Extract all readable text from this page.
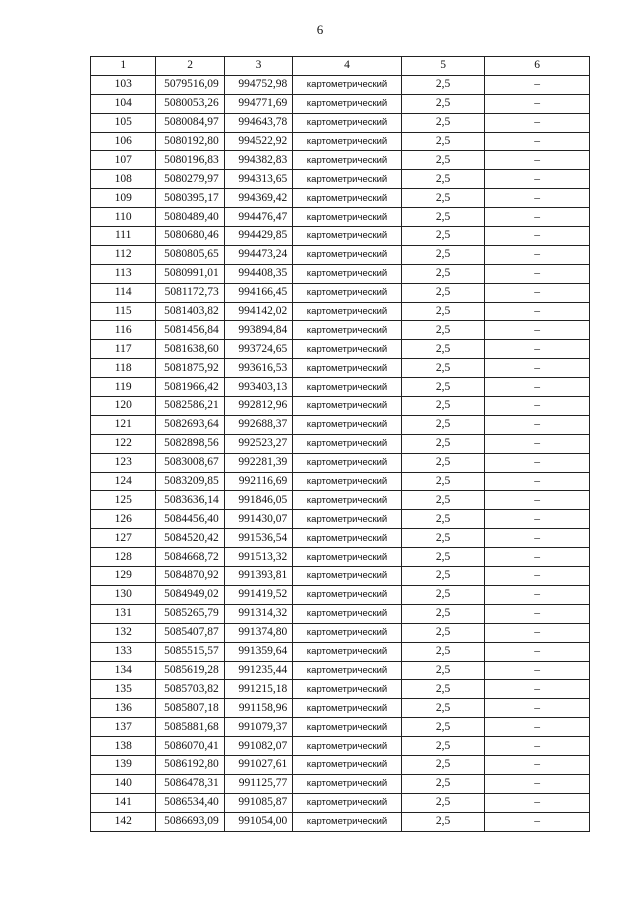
6
1	2	3	4	5	6
103	5079516,09	994752,98	картометрический	2,5	–
104	5080053,26	994771,69	картометрический	2,5	–
105	5080084,97	994643,78	картометрический	2,5	–
106	5080192,80	994522,92	картометрический	2,5	–
107	5080196,83	994382,83	картометрический	2,5	–
108	5080279,97	994313,65	картометрический	2,5	–
109	5080395,17	994369,42	картометрический	2,5	–
110	5080489,40	994476,47	картометрический	2,5	–
111	5080680,46	994429,85	картометрический	2,5	–
112	5080805,65	994473,24	картометрический	2,5	–
113	5080991,01	994408,35	картометрический	2,5	–
114	5081172,73	994166,45	картометрический	2,5	–
115	5081403,82	994142,02	картометрический	2,5	–
116	5081456,84	993894,84	картометрический	2,5	–
117	5081638,60	993724,65	картометрический	2,5	–
118	5081875,92	993616,53	картометрический	2,5	–
119	5081966,42	993403,13	картометрический	2,5	–
120	5082586,21	992812,96	картометрический	2,5	–
121	5082693,64	992688,37	картометрический	2,5	–
122	5082898,56	992523,27	картометрический	2,5	–
123	5083008,67	992281,39	картометрический	2,5	–
124	5083209,85	992116,69	картометрический	2,5	–
125	5083636,14	991846,05	картометрический	2,5	–
126	5084456,40	991430,07	картометрический	2,5	–
127	5084520,42	991536,54	картометрический	2,5	–
128	5084668,72	991513,32	картометрический	2,5	–
129	5084870,92	991393,81	картометрический	2,5	–
130	5084949,02	991419,52	картометрический	2,5	–
131	5085265,79	991314,32	картометрический	2,5	–
132	5085407,87	991374,80	картометрический	2,5	–
133	5085515,57	991359,64	картометрический	2,5	–
134	5085619,28	991235,44	картометрический	2,5	–
135	5085703,82	991215,18	картометрический	2,5	–
136	5085807,18	991158,96	картометрический	2,5	–
137	5085881,68	991079,37	картометрический	2,5	–
138	5086070,41	991082,07	картометрический	2,5	–
139	5086192,80	991027,61	картометрический	2,5	–
140	5086478,31	991125,77	картометрический	2,5	–
141	5086534,40	991085,87	картометрический	2,5	–
142	5086693,09	991054,00	картометрический	2,5	–
